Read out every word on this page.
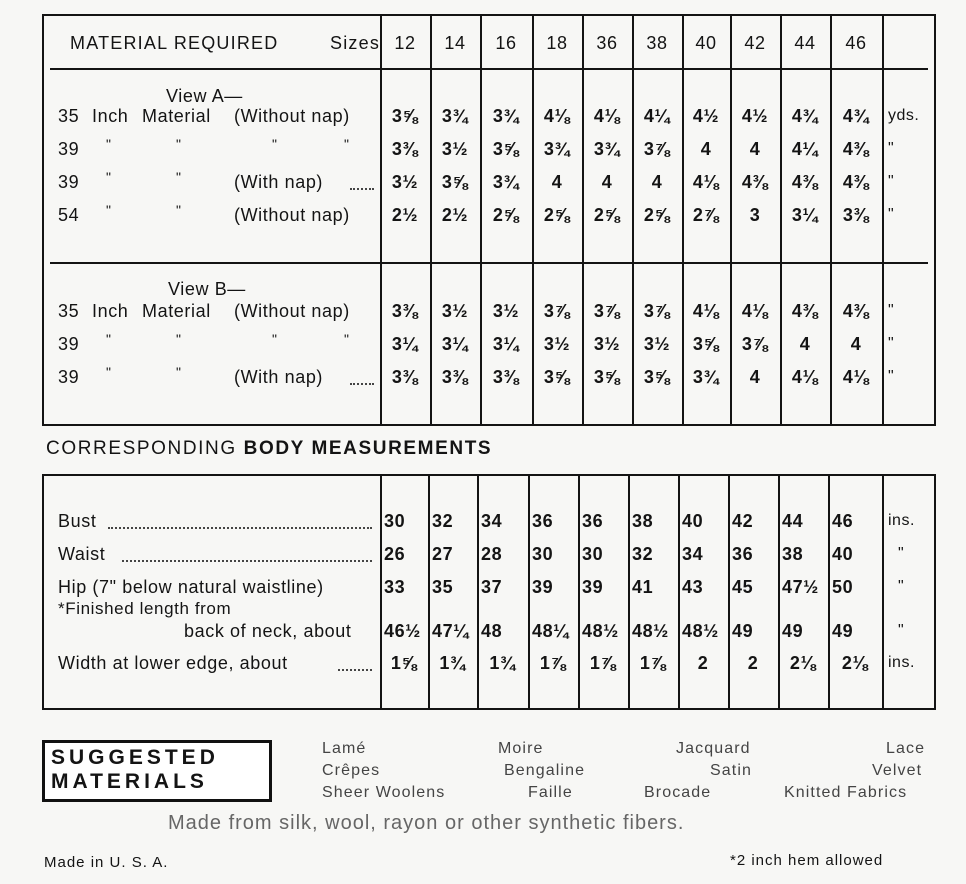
MATERIAL REQUIRED	Sizes 12	14	16	18	36	38	40	42	44	46
View A—
35 Inch Material (Without nap)	3⅝	3¾	3¾	4⅛	4⅛	4¼	4½	4½	4¾	4¾	yds.
39 "	"	"	"	3⅜	3½	3⅝	3¾	3¾	3⅞	4	4	4¼	4⅜	"
39 "	"	(With nap)	3½	3⅝	3¾	4	4	4	4⅛	4⅜	4⅜	4⅜	"
54 "	"	(Without nap)	2½	2½	2⅝	2⅝	2⅝	2⅝	2⅞	3	3¼	3⅜	"
View B—
35 Inch Material (Without nap)	3⅜	3½	3½	3⅞	3⅞	3⅞	4⅛	4⅛	4⅜	4⅜	"
39 "	"	"	"	3¼	3¼	3¼	3½	3½	3½	3⅝	3⅞	4	4	"
39 "	"	(With nap)	3⅜	3⅜	3⅜	3⅝	3⅝	3⅝	3¾	4	4⅛	4⅛	"
CORRESPONDING BODY MEASUREMENTS
Bust	30 32 34 36 36 38 40 42 44 46 ins.
Waist	26 27 28 30 30 32 34 36 38 40	"
Hip (7" below natural waistline)	33 35 37 39 39 41 43 45 47½ 50	"
*Finished length from
back of neck, about 46½ 47¼ 48 48¼ 48½ 48½ 48½ 49 49 49	"
Width at lower edge, about	1⅝	1¾	1¾	1⅞	1⅞	1⅞	2	2	2⅛	2⅛	ins.
SUGGESTED
MATERIALS
Lamé	Moire	Jacquard	Lace
Crêpes	Bengaline	Satin	Velvet
Sheer Woolens	Faille	Brocade	Knitted Fabrics
Made from silk, wool, rayon or other synthetic fibers.
Made in U. S. A.	*2 inch hem allowed
